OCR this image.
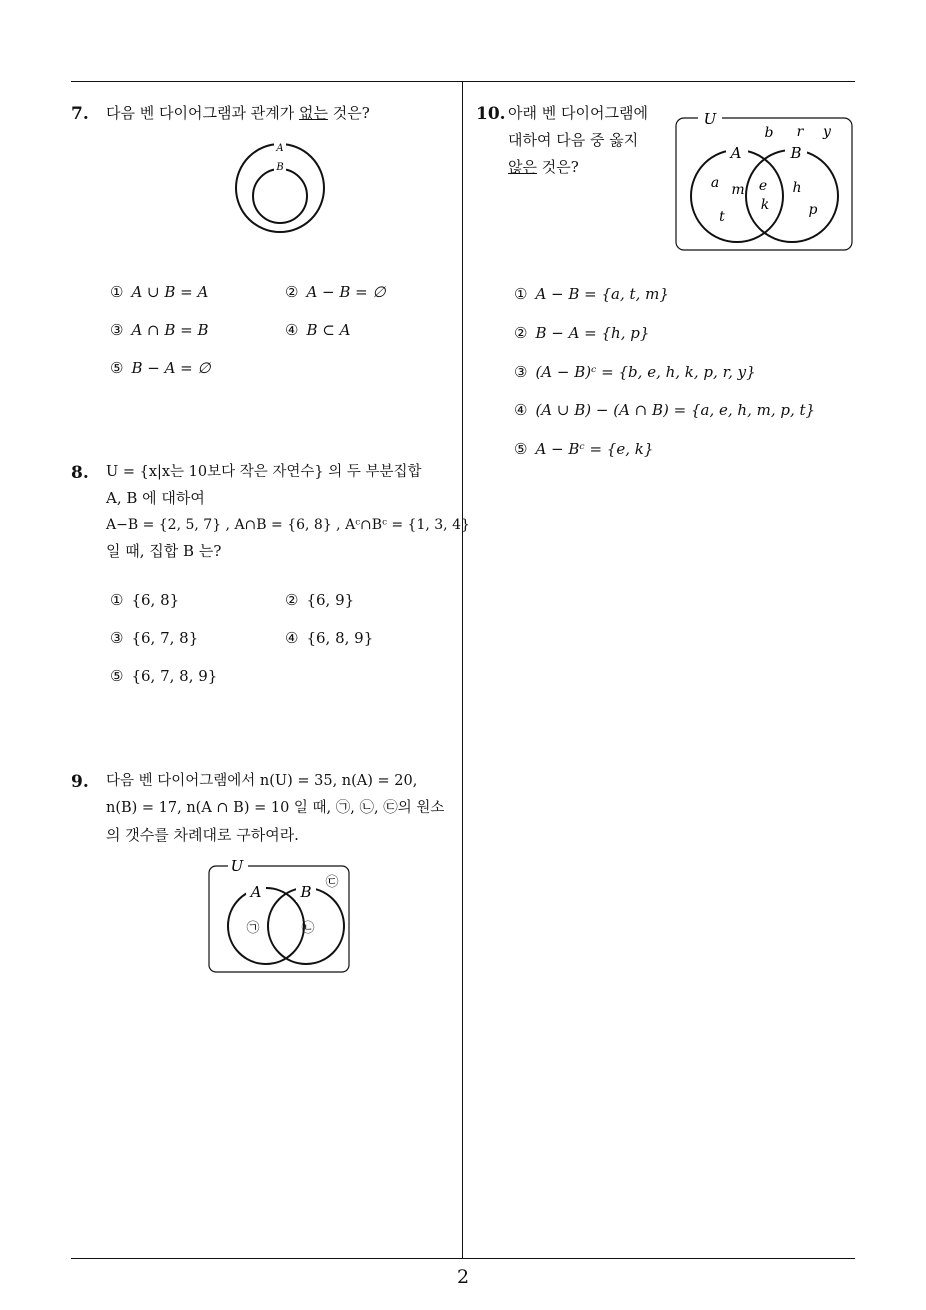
7. 다음 벤 다이어그램과 관계가 없는 것은?
A
B
① A ∪ B = A	② A − B = ∅
③ A ∩ B = B	④ B ⊂ A
⑤ B − A = ∅
8. U = {x|x는 10보다 작은 자연수} 의 두 부분집합
A, B 에 대하여
A−B = {2, 5, 7} , A∩B = {6, 8} , Aᶜ∩Bᶜ = {1, 3, 4}
일 때, 집합 B 는?
① {6, 8}	② {6, 9}
③ {6, 7, 8}	④ {6, 8, 9}
⑤ {6, 7, 8, 9}
9. 다음 벤 다이어그램에서 n(U) = 35, n(A) = 20,
n(B) = 17, n(A ∩ B) = 10 일 때, ㉠, ㉡, ㉢의 원소
의 갯수를 차례대로 구하여라.
U
A	B
㉠	㉡
㉢
10. 아래 벤 다이어그램에
대하여 다음 중 옳지
않은 것은?
U
A	B
b r y
a m
t
e
k
h
p
① A − B = {a, t, m}
② B − A = {h, p}
③ (A − B)ᶜ = {b, e, h, k, p, r, y}
④ (A ∪ B) − (A ∩ B) = {a, e, h, m, p, t}
⑤ A − Bᶜ = {e, k}
2
